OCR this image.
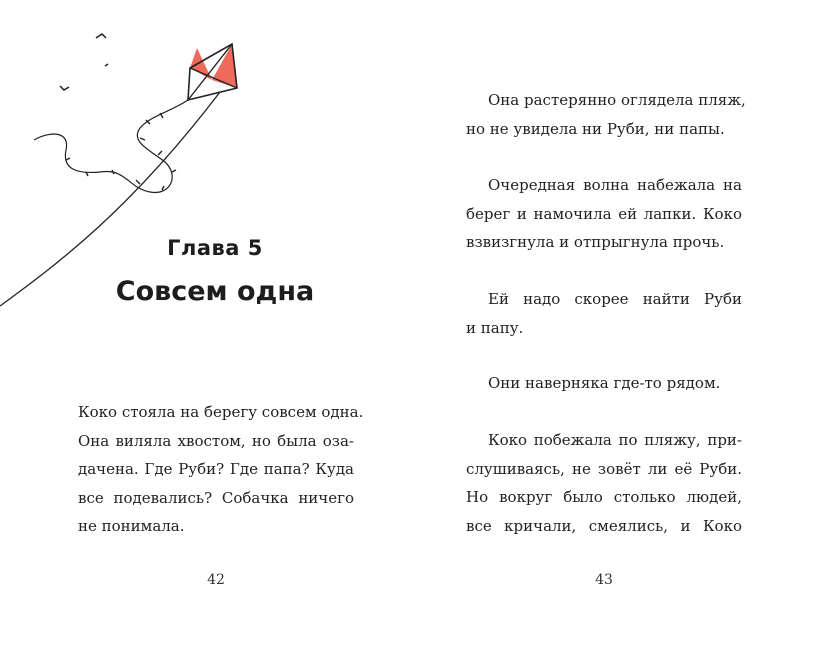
Глава 5
Совсем одна

Коко стояла на берегу совсем одна.
Она виляла хвостом, но была оза-
дачена. Где Руби? Где папа? Куда
все подевались? Собачка ничего
не понимала.

42

Она растерянно оглядела пляж,
но не увидела ни Руби, ни папы.

Очередная волна набежала на
берег и намочила ей лапки. Коко
взвизгнула и отпрыгнула прочь.

Ей надо скорее найти Руби
и папу.

Они наверняка где-то рядом.

Коко побежала по пляжу, при-
слушиваясь, не зовёт ли её Руби.
Но вокруг было столько людей,
все кричали, смеялись, и Коко

43
